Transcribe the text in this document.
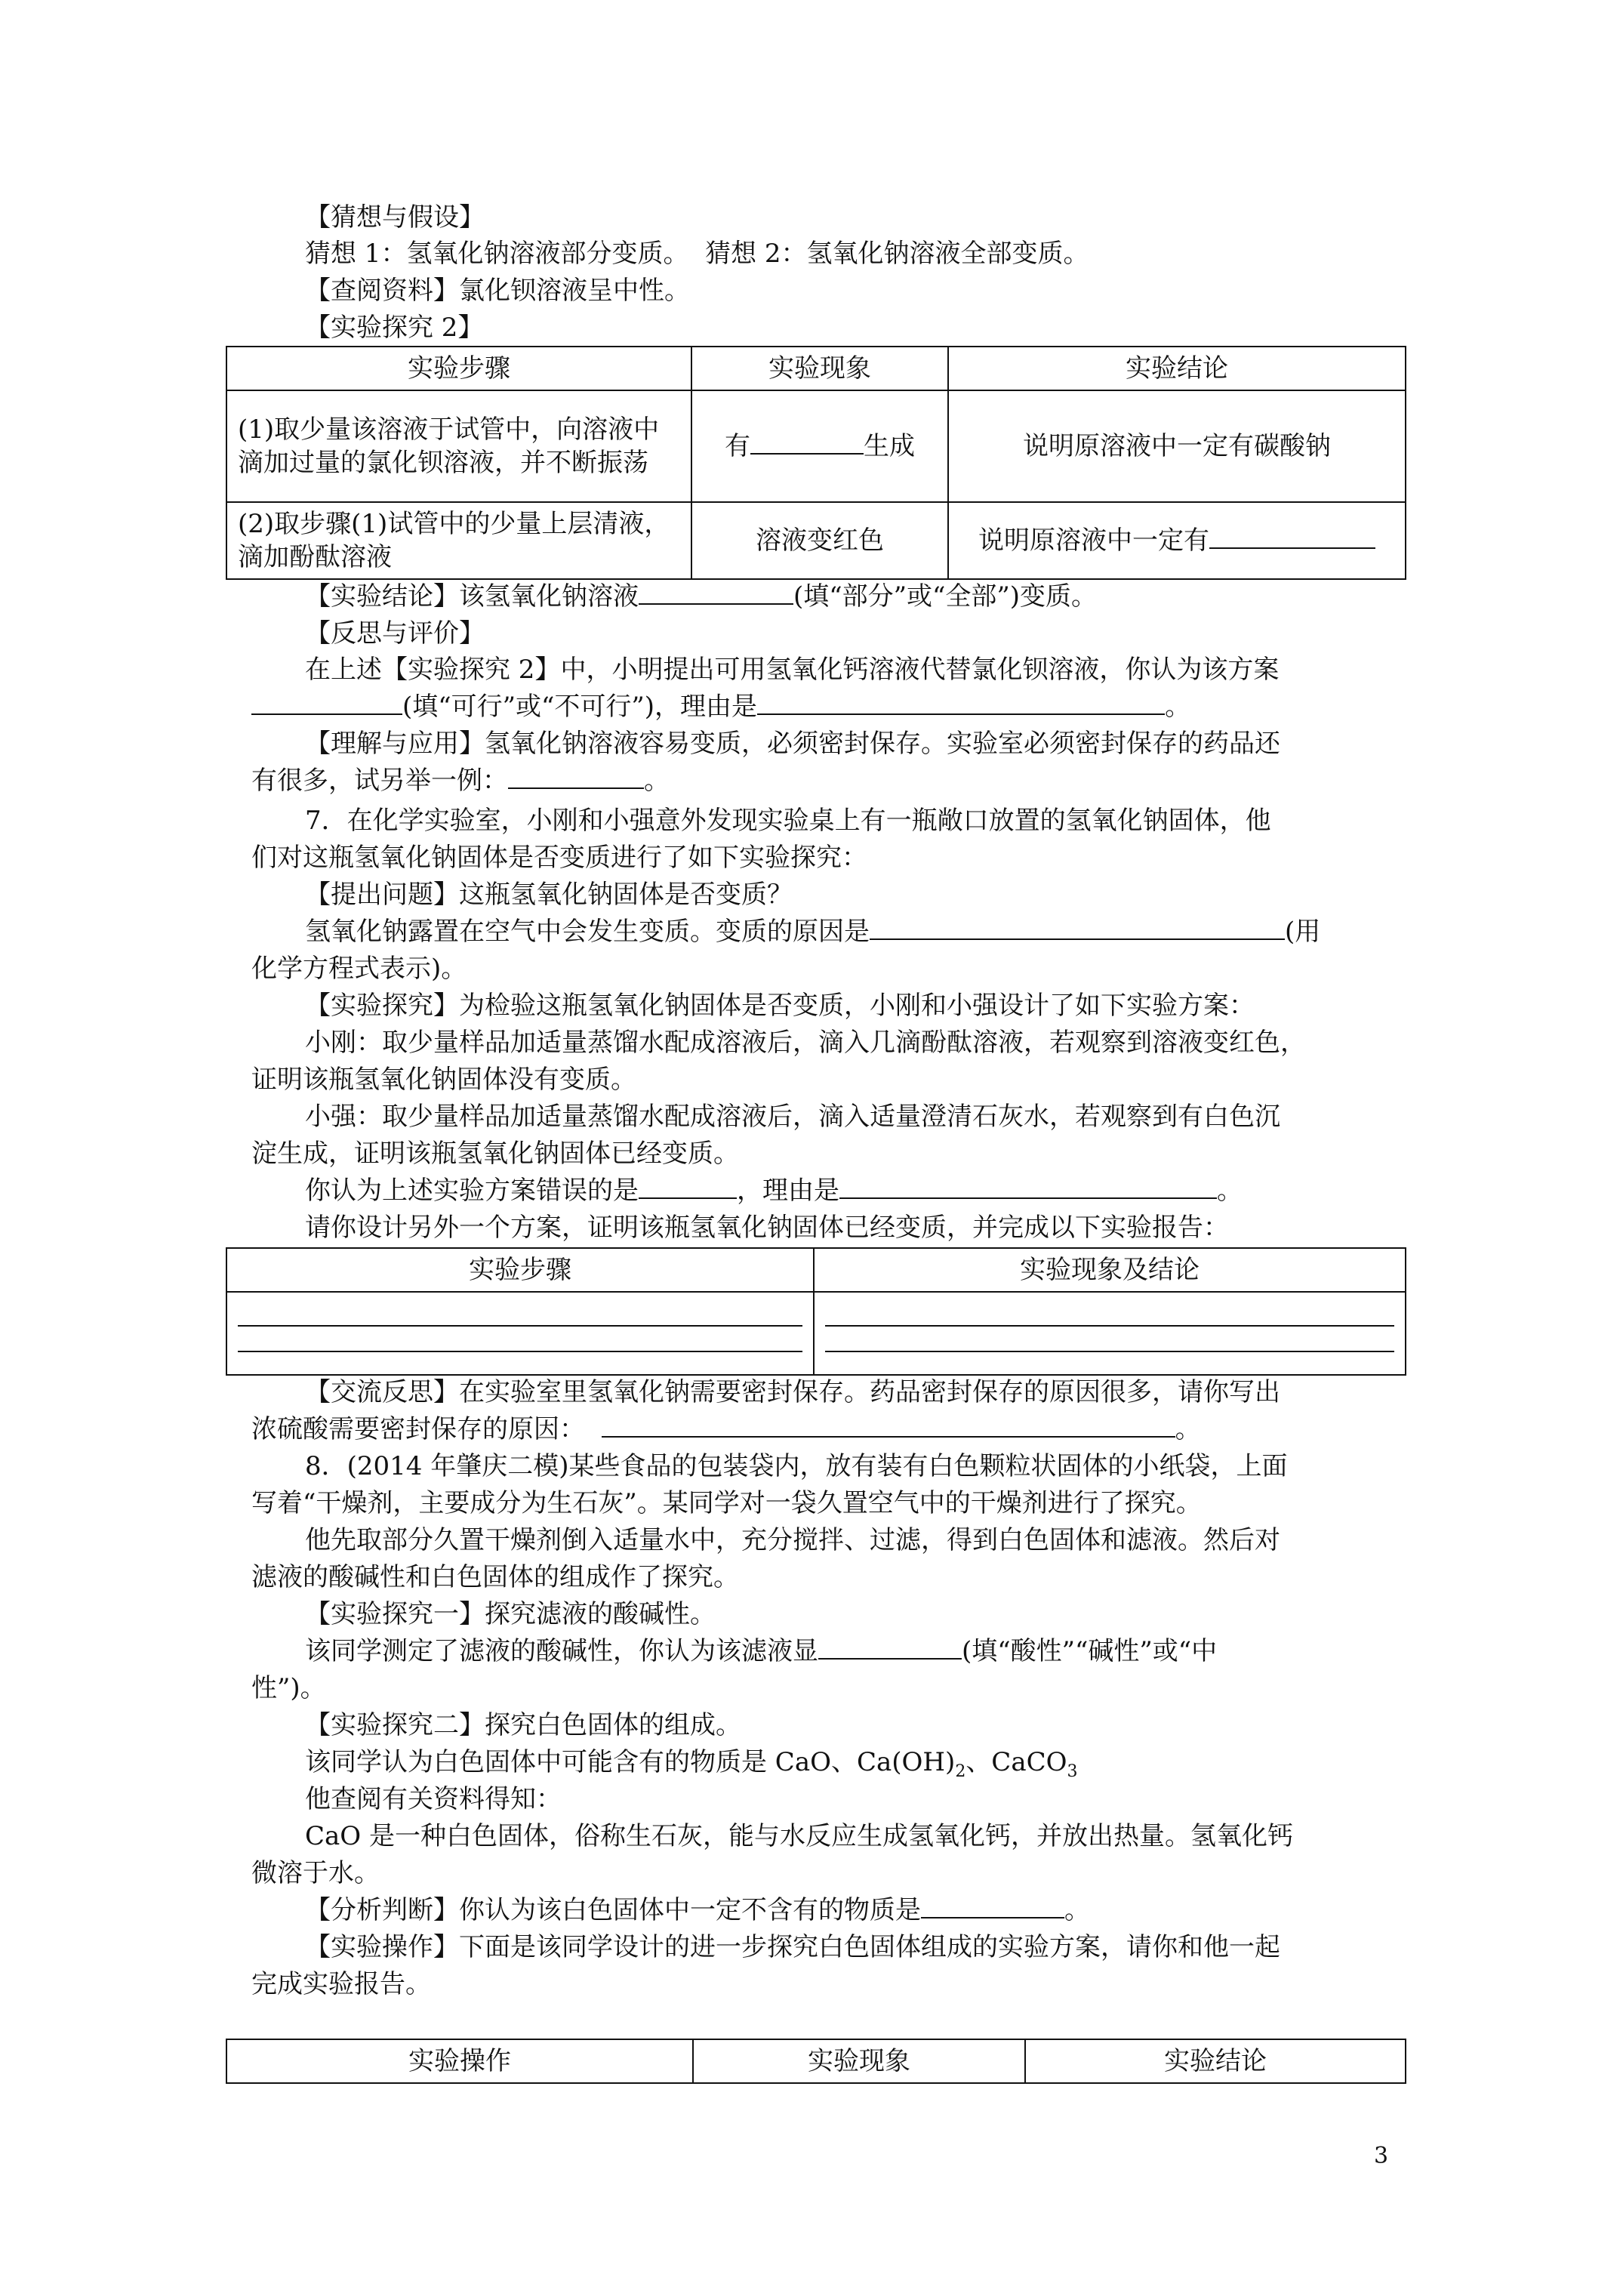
【猜想与假设】
猜想 1：氢氧化钠溶液部分变质。 猜想 2：氢氧化钠溶液全部变质。
【查阅资料】氯化钡溶液呈中性。
【实验探究 2】
实验步骤	实验现象	实验结论
(1)取少量该溶液于试管中，向溶液中滴加过量的氯化钡溶液，并不断振荡	有 生成	说明原溶液中一定有碳酸钠
(2)取步骤(1)试管中的少量上层清液，滴加酚酞溶液	溶液变红色	说明原溶液中一定有
【实验结论】该氢氧化钠溶液	(填“部分”或“全部”)变质。
【反思与评价】
在上述【实验探究 2】中，小明提出可用氢氧化钙溶液代替氯化钡溶液，你认为该方案
(填“可行”或“不可行”)，理由是	。
【理解与应用】氢氧化钠溶液容易变质，必须密封保存。实验室必须密封保存的药品还
有很多，试另举一例：	。
7．在化学实验室，小刚和小强意外发现实验桌上有一瓶敞口放置的氢氧化钠固体，他
们对这瓶氢氧化钠固体是否变质进行了如下实验探究：
【提出问题】这瓶氢氧化钠固体是否变质？
氢氧化钠露置在空气中会发生变质。变质的原因是	(用
化学方程式表示)。
【实验探究】为检验这瓶氢氧化钠固体是否变质，小刚和小强设计了如下实验方案：
小刚：取少量样品加适量蒸馏水配成溶液后，滴入几滴酚酞溶液，若观察到溶液变红色，
证明该瓶氢氧化钠固体没有变质。
小强：取少量样品加适量蒸馏水配成溶液后，滴入适量澄清石灰水，若观察到有白色沉
淀生成，证明该瓶氢氧化钠固体已经变质。
你认为上述实验方案错误的是	，理由是	。
请你设计另外一个方案，证明该瓶氢氧化钠固体已经变质，并完成以下实验报告：
实验步骤	实验现象及结论

【交流反思】在实验室里氢氧化钠需要密封保存。药品密封保存的原因很多，请你写出
浓硫酸需要密封保存的原因：	。
8．(2014 年肇庆二模)某些食品的包装袋内，放有装有白色颗粒状固体的小纸袋，上面
写着“干燥剂，主要成分为生石灰”。某同学对一袋久置空气中的干燥剂进行了探究。
他先取部分久置干燥剂倒入适量水中，充分搅拌、过滤，得到白色固体和滤液。然后对
滤液的酸碱性和白色固体的组成作了探究。
【实验探究一】探究滤液的酸碱性。
该同学测定了滤液的酸碱性，你认为该滤液显	(填“酸性”“碱性”或“中
性”)。
【实验探究二】探究白色固体的组成。
该同学认为白色固体中可能含有的物质是 CaO、$Ca(OH)_2$、CaCO$_3$
他查阅有关资料得知：
CaO 是一种白色固体，俗称生石灰，能与水反应生成氢氧化钙，并放出热量。氢氧化钙
微溶于水。
【分析判断】你认为该白色固体中一定不含有的物质是	。
【实验操作】下面是该同学设计的进一步探究白色固体组成的实验方案，请你和他一起
完成实验报告。
实验操作	实验现象	实验结论
3
